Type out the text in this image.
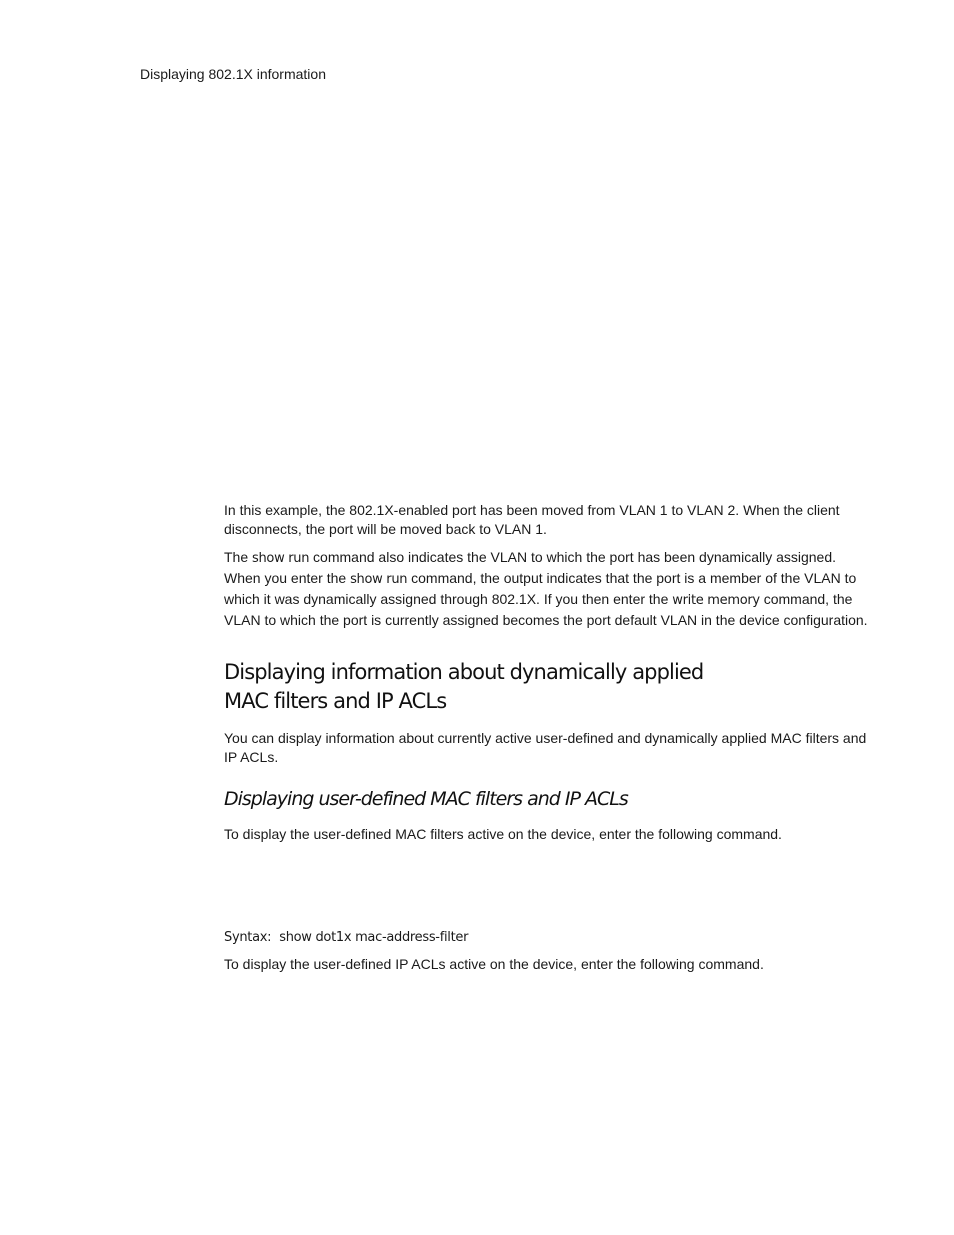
Displaying 802.1X information

In this example, the 802.1X-enabled port has been moved from VLAN 1 to VLAN 2. When the client disconnects, the port will be moved back to VLAN 1.

The show run command also indicates the VLAN to which the port has been dynamically assigned. When you enter the show run command, the output indicates that the port is a member of the VLAN to which it was dynamically assigned through 802.1X. If you then enter the write memory command, the VLAN to which the port is currently assigned becomes the port default VLAN in the device configuration.

Displaying information about dynamically applied
MAC filters and IP ACLs

You can display information about currently active user-defined and dynamically applied MAC filters and IP ACLs.

Displaying user-defined MAC filters and IP ACLs

To display the user-defined MAC filters active on the device, enter the following command.

Syntax: show dot1x mac-address-filter

To display the user-defined IP ACLs active on the device, enter the following command.
